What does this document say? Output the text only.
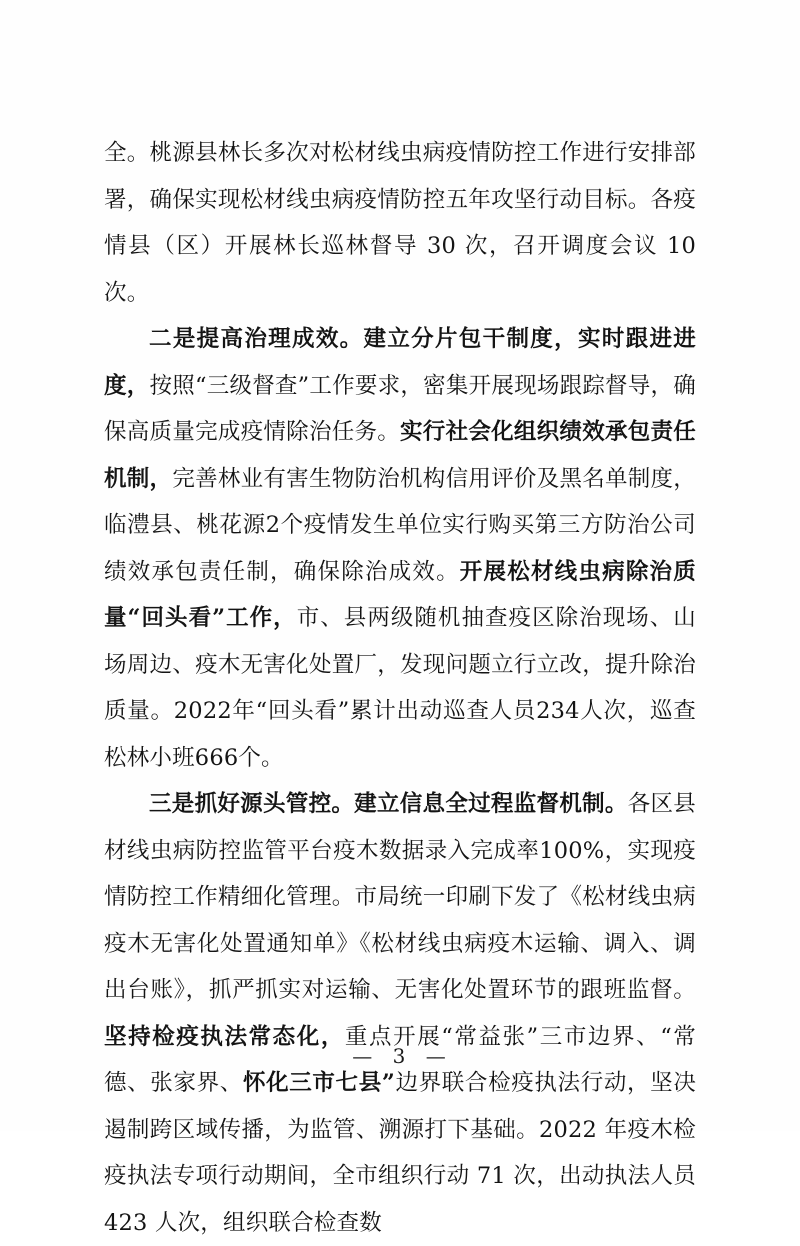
全。桃源县林长多次对松材线虫病疫情防控工作进行安排部署，确保实现松材线虫病疫情防控五年攻坚行动目标。各疫情县（区）开展林长巡林督导 30 次，召开调度会议 10 次。

二是提高治理成效。建立分片包干制度，实时跟进进度，按照“三级督查”工作要求，密集开展现场跟踪督导，确保高质量完成疫情除治任务。实行社会化组织绩效承包责任机制，完善林业有害生物防治机构信用评价及黑名单制度，临澧县、桃花源2个疫情发生单位实行购买第三方防治公司绩效承包责任制，确保除治成效。开展松材线虫病除治质量“回头看”工作，市、县两级随机抽查疫区除治现场、山场周边、疫木无害化处置厂，发现问题立行立改，提升除治质量。2022年“回头看”累计出动巡查人员234人次，巡查松林小班666个。

三是抓好源头管控。建立信息全过程监督机制。各区县材线虫病防控监管平台疫木数据录入完成率100%，实现疫情防控工作精细化管理。市局统一印刷下发了《松材线虫病疫木无害化处置通知单》《松材线虫病疫木运输、调入、调出台账》，抓严抓实对运输、无害化处置环节的跟班监督。坚持检疫执法常态化，重点开展“常益张”三市边界、“常德、张家界、怀化三市七县”边界联合检疫执法行动，坚决遏制跨区域传播，为监管、溯源打下基础。2022 年疫木检疫执法专项行动期间，全市组织行动 71 次，出动执法人员 423 人次，组织联合检查数

— 3 —
